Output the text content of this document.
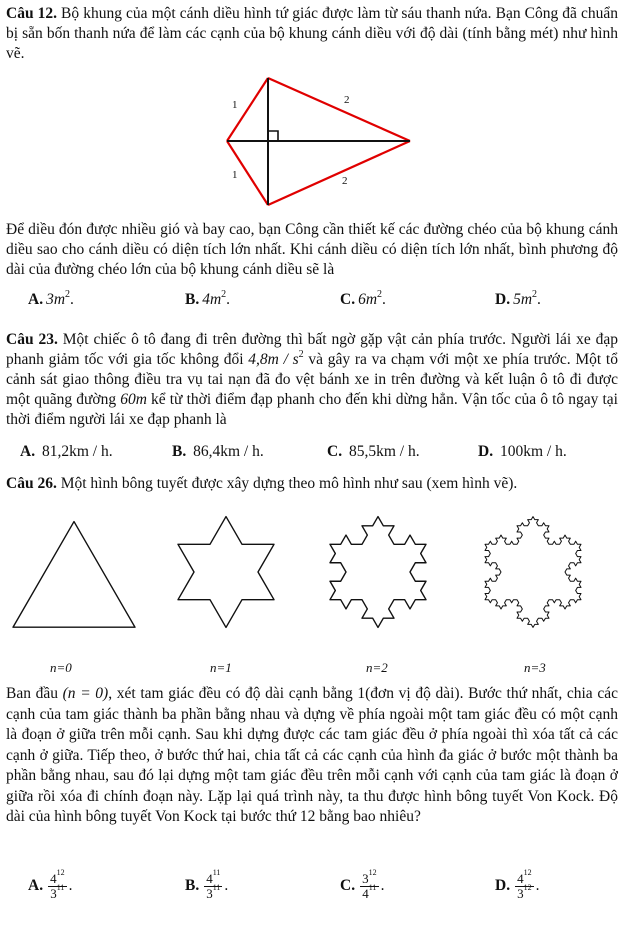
Câu 12. Bộ khung của một cánh diều hình tứ giác được làm từ sáu thanh nứa. Bạn Công đã chuẩn bị sẵn bốn thanh nứa để làm các cạnh của bộ khung cánh diều với độ dài (tính bằng mét) như hình vẽ.

1	2
1	2

Để diều đón được nhiều gió và bay cao, bạn Công cần thiết kế các đường chéo của bộ khung cánh diều sao cho cánh diều có diện tích lớn nhất. Khi cánh diều có diện tích lớn nhất, bình phương độ dài của đường chéo lớn của bộ khung cánh diều sẽ là

A. $3m^2$.	B. $4m^2$.	C. $6m^2$.	D. $5m^2$.

Câu 23. Một chiếc ô tô đang đi trên đường thì bất ngờ gặp vật cản phía trước. Người lái xe đạp phanh giảm tốc với gia tốc không đổi $4,8m / s^2$ và gây ra va chạm với một xe phía trước. Một tổ cảnh sát giao thông điều tra vụ tai nạn đã đo vệt bánh xe in trên đường và kết luận ô tô đi được một quãng đường 60m kể từ thời điểm đạp phanh cho đến khi dừng hẳn. Vận tốc của ô tô ngay tại thời điểm người lái xe đạp phanh là

A. 81,2km / h.	B. 86,4km / h.	C. 85,5km / h.	D. 100km / h.

Câu 26. Một hình bông tuyết được xây dựng theo mô hình như sau (xem hình vẽ).

n=0	n=1	n=2	n=3

Ban đầu (n = 0), xét tam giác đều có độ dài cạnh bằng 1(đơn vị độ dài). Bước thứ nhất, chia các cạnh của tam giác thành ba phần bằng nhau và dựng về phía ngoài một tam giác đều có một cạnh là đoạn ở giữa trên mỗi cạnh. Sau khi dựng được các tam giác đều ở phía ngoài thì xóa tất cả các cạnh ở giữa. Tiếp theo, ở bước thứ hai, chia tất cả các cạnh của hình đa giác ở bước một thành ba phần bằng nhau, sau đó lại dựng một tam giác đều trên mỗi cạnh với cạnh của tam giác là đoạn ở giữa rồi xóa đi chính đoạn này. Lặp lại quá trình này, ta thu được hình bông tuyết Von Kock. Độ dài của hình bông tuyết Von Kock tại bước thứ 12 bằng bao nhiêu?

A. $\frac{4^{12}}{3^{11}}$ .	B. $\frac{4^{11}}{3^{11}}$ .	C. $\frac{3^{12}}{4^{11}}$ .	D. $\frac{4^{12}}{3^{12}}$ .
